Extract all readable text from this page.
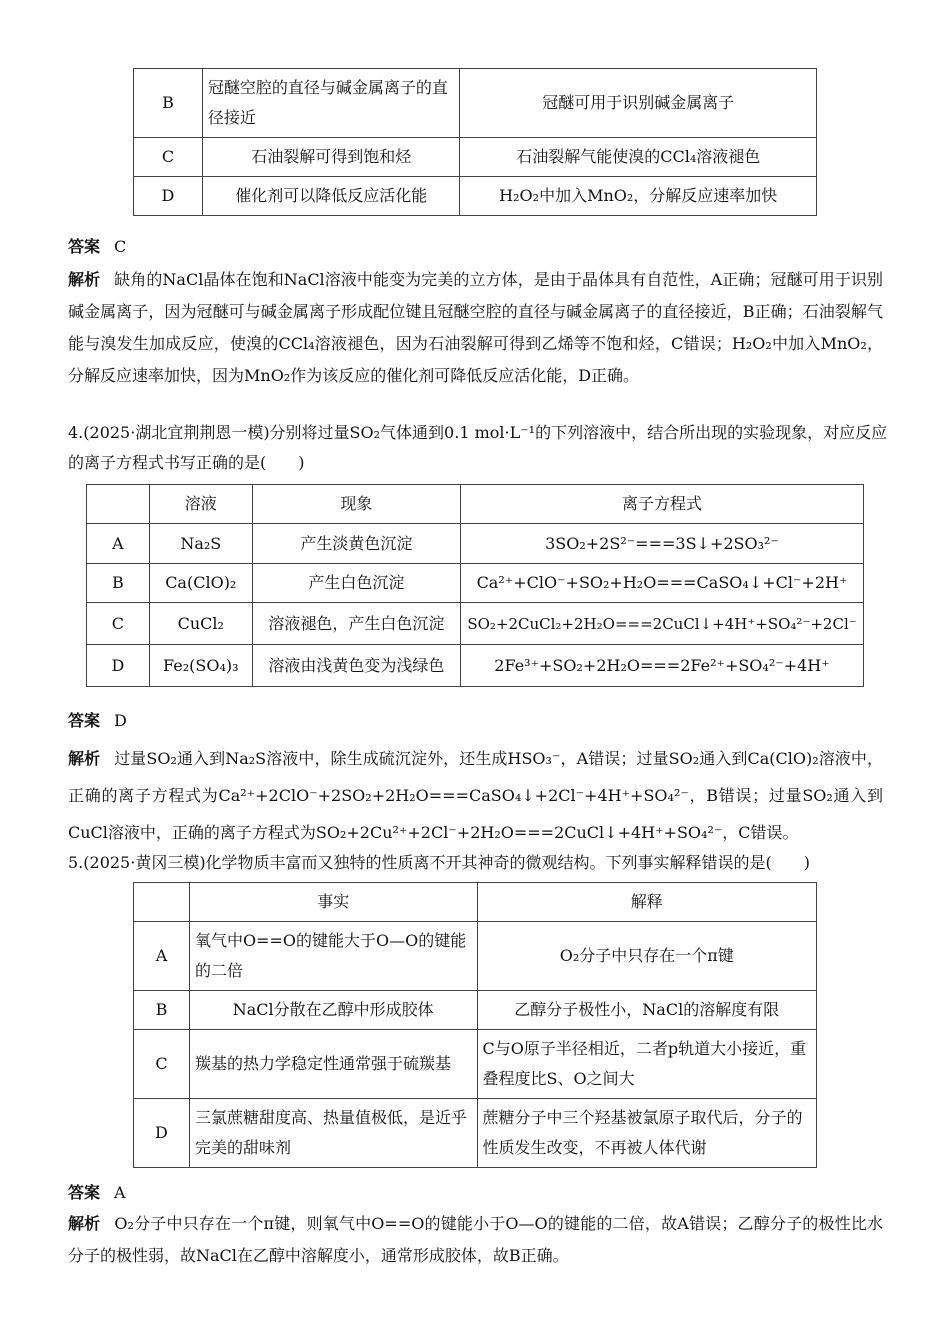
B	冠醚空腔的直径与碱金属离子的直径接近	冠醚可用于识别碱金属离子
C	石油裂解可得到饱和烃	石油裂解气能使溴的CCl₄溶液褪色
D	催化剂可以降低反应活化能	H₂O₂中加入MnO₂，分解反应速率加快
答案 C
解析 缺角的NaCl晶体在饱和NaCl溶液中能变为完美的立方体，是由于晶体具有自范性，A正确；冠醚可用于识别碱金属离子，因为冠醚可与碱金属离子形成配位键且冠醚空腔的直径与碱金属离子的直径接近，B正确；石油裂解气能与溴发生加成反应，使溴的CCl₄溶液褪色，因为石油裂解可得到乙烯等不饱和烃，C错误；H₂O₂中加入MnO₂，分解反应速率加快，因为MnO₂作为该反应的催化剂可降低反应活化能，D正确。
4.(2025·湖北宜荆荆恩一模)分别将过量SO₂气体通到0.1 mol·L⁻¹的下列溶液中，结合所出现的实验现象，对应反应的离子方程式书写正确的是(　　)
	溶液	现象	离子方程式
A	Na₂S	产生淡黄色沉淀	3SO₂+2S²⁻===3S↓+2SO₃²⁻
B	Ca(ClO)₂	产生白色沉淀	Ca²⁺+ClO⁻+SO₂+H₂O===CaSO₄↓+Cl⁻+2H⁺
C	CuCl₂	溶液褪色，产生白色沉淀	SO₂+2CuCl₂+2H₂O===2CuCl↓+4H⁺+SO₄²⁻+2Cl⁻
D	Fe₂(SO₄)₃	溶液由浅黄色变为浅绿色	2Fe³⁺+SO₂+2H₂O===2Fe²⁺+SO₄²⁻+4H⁺
答案 D
解析 过量SO₂通入到Na₂S溶液中，除生成硫沉淀外，还生成HSO₃⁻，A错误；过量SO₂通入到Ca(ClO)₂溶液中，正确的离子方程式为Ca²⁺+2ClO⁻+2SO₂+2H₂O===CaSO₄↓+2Cl⁻+4H⁺+SO₄²⁻，B错误；过量SO₂通入到CuCl溶液中，正确的离子方程式为SO₂+2Cu²⁺+2Cl⁻+2H₂O===2CuCl↓+4H⁺+SO₄²⁻，C错误。
5.(2025·黄冈三模)化学物质丰富而又独特的性质离不开其神奇的微观结构。下列事实解释错误的是(　　)
	事实	解释
A	氧气中O==O的键能大于O—O的键能的二倍	O₂分子中只存在一个π键
B	NaCl分散在乙醇中形成胶体	乙醇分子极性小，NaCl的溶解度有限
C	羰基的热力学稳定性通常强于硫羰基	C与O原子半径相近，二者p轨道大小接近，重叠程度比S、O之间大
D	三氯蔗糖甜度高、热量值极低，是近乎完美的甜味剂	蔗糖分子中三个羟基被氯原子取代后，分子的性质发生改变，不再被人体代谢
答案 A
解析 O₂分子中只存在一个π键，则氧气中O==O的键能小于O—O的键能的二倍，故A错误；乙醇分子的极性比水分子的极性弱，故NaCl在乙醇中溶解度小，通常形成胶体，故B正确。
